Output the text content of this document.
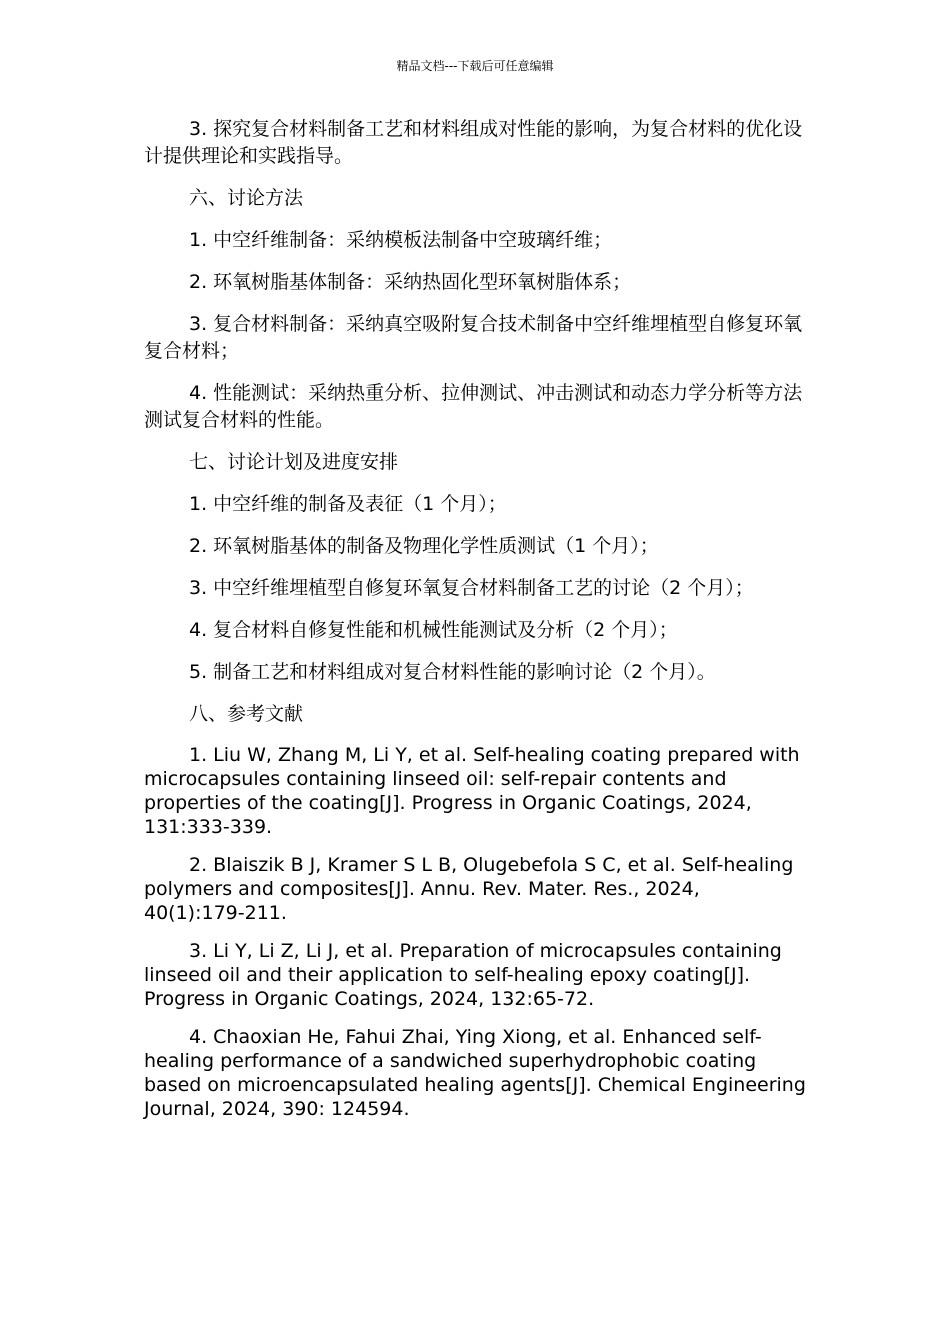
精品文档---下载后可任意编辑

3. 探究复合材料制备工艺和材料组成对性能的影响，为复合材料的优化设计提供理论和实践指导。

六、讨论方法

1. 中空纤维制备：采纳模板法制备中空玻璃纤维；

2. 环氧树脂基体制备：采纳热固化型环氧树脂体系；

3. 复合材料制备：采纳真空吸附复合技术制备中空纤维埋植型自修复环氧复合材料；

4. 性能测试：采纳热重分析、拉伸测试、冲击测试和动态力学分析等方法测试复合材料的性能。

七、讨论计划及进度安排

1. 中空纤维的制备及表征（1 个月）；

2. 环氧树脂基体的制备及物理化学性质测试（1 个月）；

3. 中空纤维埋植型自修复环氧复合材料制备工艺的讨论（2 个月）；

4. 复合材料自修复性能和机械性能测试及分析（2 个月）；

5. 制备工艺和材料组成对复合材料性能的影响讨论（2 个月）。

八、参考文献

1. Liu W, Zhang M, Li Y, et al. Self-healing coating prepared with microcapsules containing linseed oil: self-repair contents and properties of the coating[J]. Progress in Organic Coatings, 2024, 131:333-339.

2. Blaiszik B J, Kramer S L B, Olugebefola S C, et al. Self-healing polymers and composites[J]. Annu. Rev. Mater. Res., 2024, 40(1):179-211.

3. Li Y, Li Z, Li J, et al. Preparation of microcapsules containing linseed oil and their application to self-healing epoxy coating[J]. Progress in Organic Coatings, 2024, 132:65-72.

4. Chaoxian He, Fahui Zhai, Ying Xiong, et al. Enhanced self-healing performance of a sandwiched superhydrophobic coating based on microencapsulated healing agents[J]. Chemical Engineering Journal, 2024, 390: 124594.
